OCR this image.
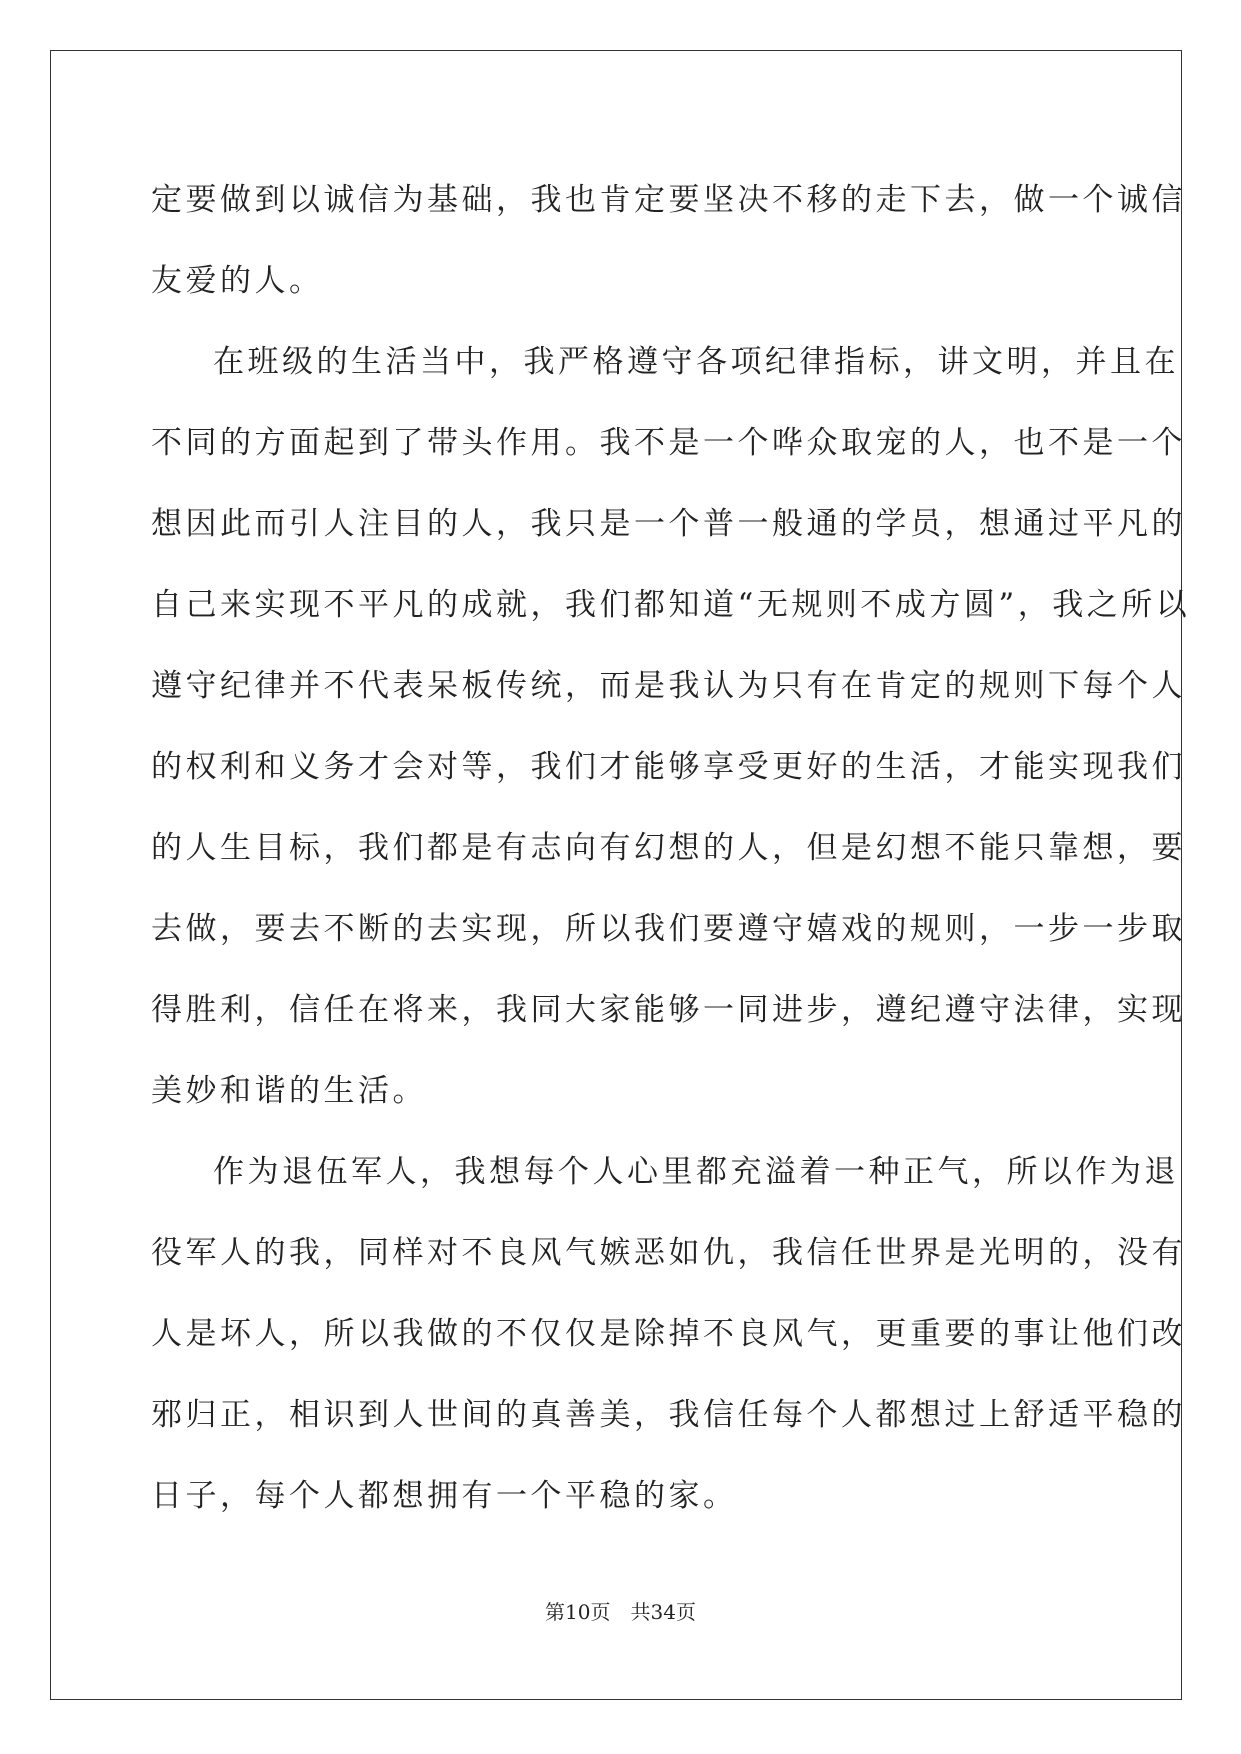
定要做到以诚信为基础，我也肯定要坚决不移的走下去，做一个诚信
友爱的人。
在班级的生活当中，我严格遵守各项纪律指标，讲文明，并且在
不同的方面起到了带头作用。我不是一个哗众取宠的人，也不是一个
想因此而引人注目的人，我只是一个普一般通的学员，想通过平凡的
自己来实现不平凡的成就，我们都知道“无规则不成方圆”，我之所以
遵守纪律并不代表呆板传统，而是我认为只有在肯定的规则下每个人
的权利和义务才会对等，我们才能够享受更好的生活，才能实现我们
的人生目标，我们都是有志向有幻想的人，但是幻想不能只靠想，要
去做，要去不断的去实现，所以我们要遵守嬉戏的规则，一步一步取
得胜利，信任在将来，我同大家能够一同进步，遵纪遵守法律，实现
美妙和谐的生活。
作为退伍军人，我想每个人心里都充溢着一种正气，所以作为退
役军人的我，同样对不良风气嫉恶如仇，我信任世界是光明的，没有
人是坏人，所以我做的不仅仅是除掉不良风气，更重要的事让他们改
邪归正，相识到人世间的真善美，我信任每个人都想过上舒适平稳的
日子，每个人都想拥有一个平稳的家。
第10页　共34页
